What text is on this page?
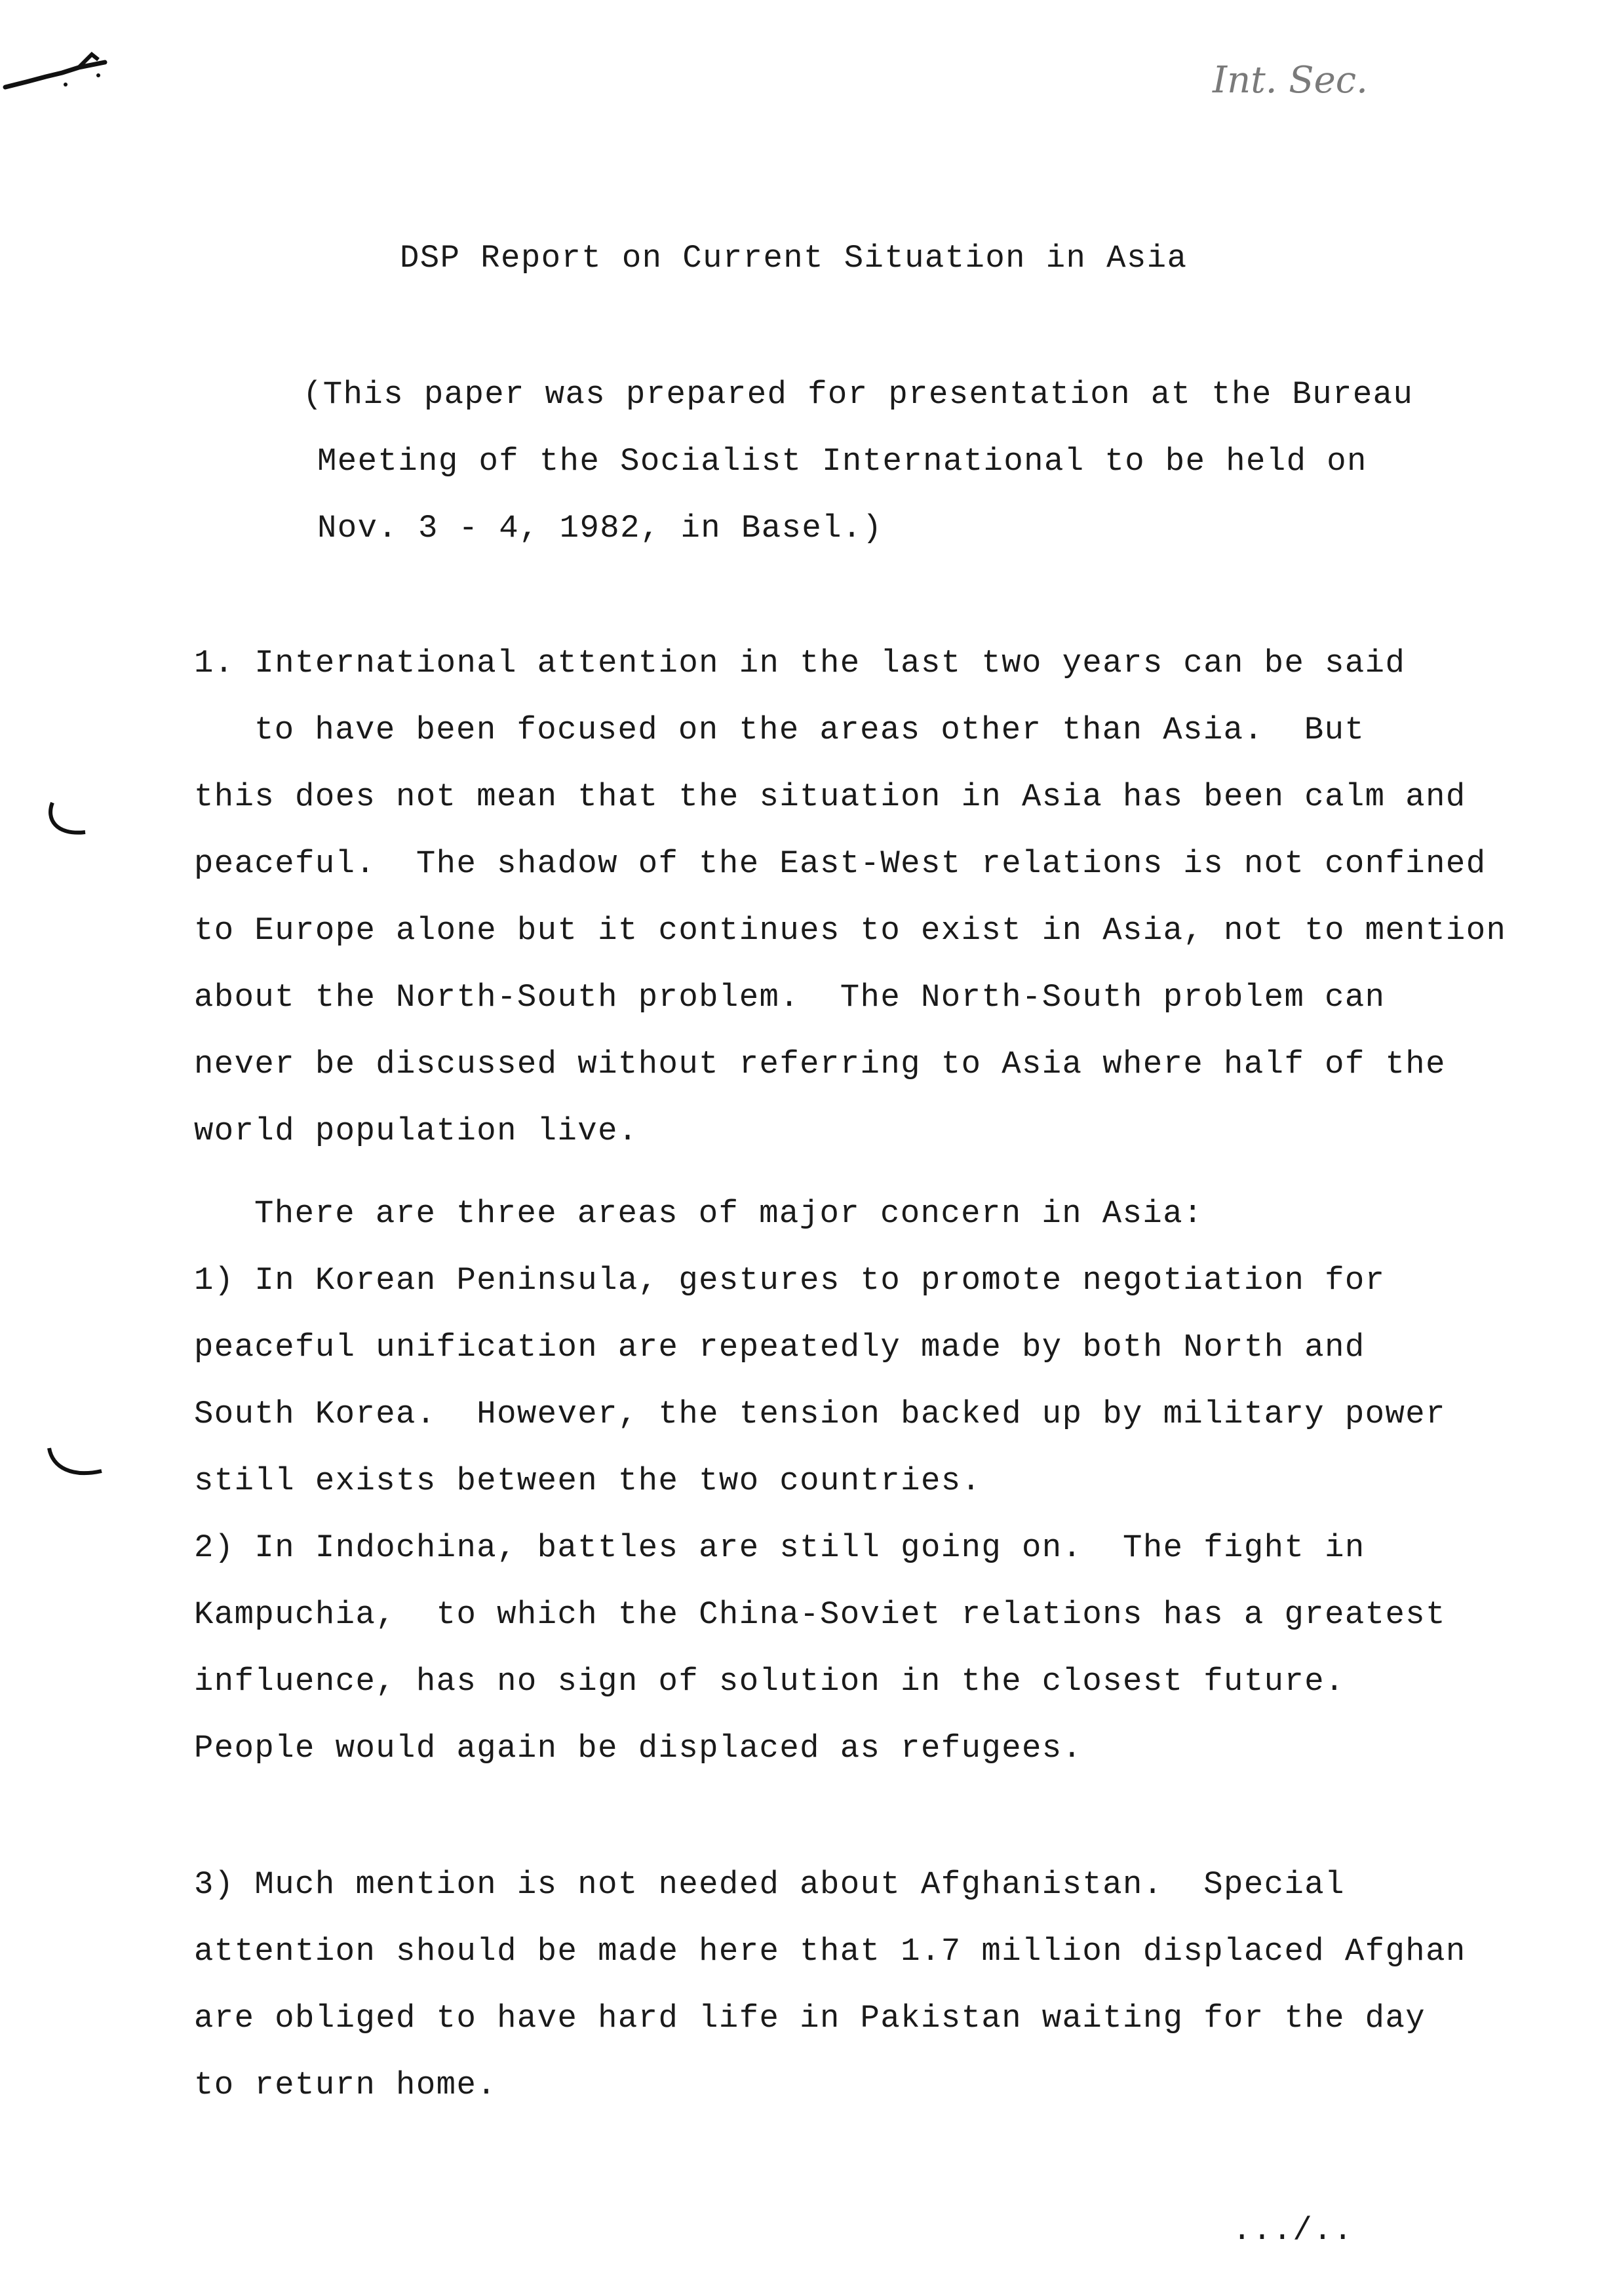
Int. Sec.
DSP Report on Current Situation in Asia
(This paper was prepared for presentation at the Bureau
Meeting of the Socialist International to be held on
Nov. 3 - 4, 1982, in Basel.)
1. International attention in the last two years can be said
to have been focused on the areas other than Asia.  But
this does not mean that the situation in Asia has been calm and
peaceful.  The shadow of the East-West relations is not confined
to Europe alone but it continues to exist in Asia, not to mention
about the North-South problem.  The North-South problem can
never be discussed without referring to Asia where half of the
world population live.
There are three areas of major concern in Asia:
1) In Korean Peninsula, gestures to promote negotiation for
peaceful unification are repeatedly made by both North and
South Korea.  However, the tension backed up by military power
still exists between the two countries.
2) In Indochina, battles are still going on.  The fight in
Kampuchia,  to which the China-Soviet relations has a greatest
influence, has no sign of solution in the closest future.
People would again be displaced as refugees.
3) Much mention is not needed about Afghanistan.  Special
attention should be made here that 1.7 million displaced Afghan
are obliged to have hard life in Pakistan waiting for the day
to return home.
.../..
